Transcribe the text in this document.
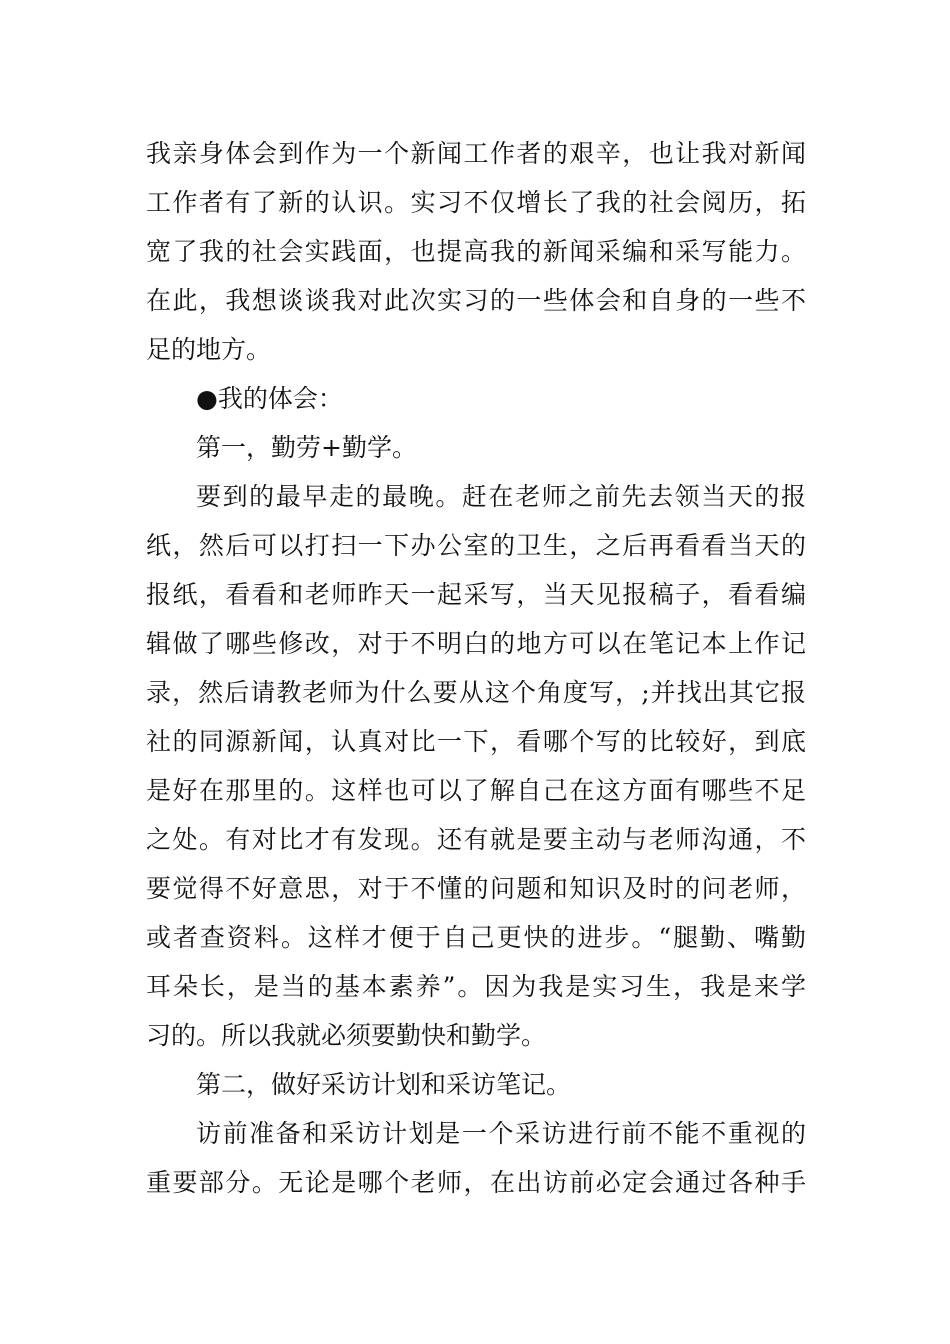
我亲身体会到作为一个新闻工作者的艰辛，也让我对新闻
工作者有了新的认识。实习不仅增长了我的社会阅历，拓
宽了我的社会实践面，也提高我的新闻采编和采写能力。
在此，我想谈谈我对此次实习的一些体会和自身的一些不
足的地方。
●我的体会：
第一，勤劳+勤学。
要到的最早走的最晚。赶在老师之前先去领当天的报
纸，然后可以打扫一下办公室的卫生，之后再看看当天的
报纸，看看和老师昨天一起采写，当天见报稿子，看看编
辑做了哪些修改，对于不明白的地方可以在笔记本上作记
录，然后请教老师为什么要从这个角度写，;并找出其它报
社的同源新闻，认真对比一下，看哪个写的比较好，到底
是好在那里的。这样也可以了解自己在这方面有哪些不足
之处。有对比才有发现。还有就是要主动与老师沟通，不
要觉得不好意思，对于不懂的问题和知识及时的问老师，
或者查资料。这样才便于自己更快的进步。“腿勤、嘴勤
耳朵长，是当的基本素养”。因为我是实习生，我是来学
习的。所以我就必须要勤快和勤学。
第二，做好采访计划和采访笔记。
访前准备和采访计划是一个采访进行前不能不重视的
重要部分。无论是哪个老师，在出访前必定会通过各种手
